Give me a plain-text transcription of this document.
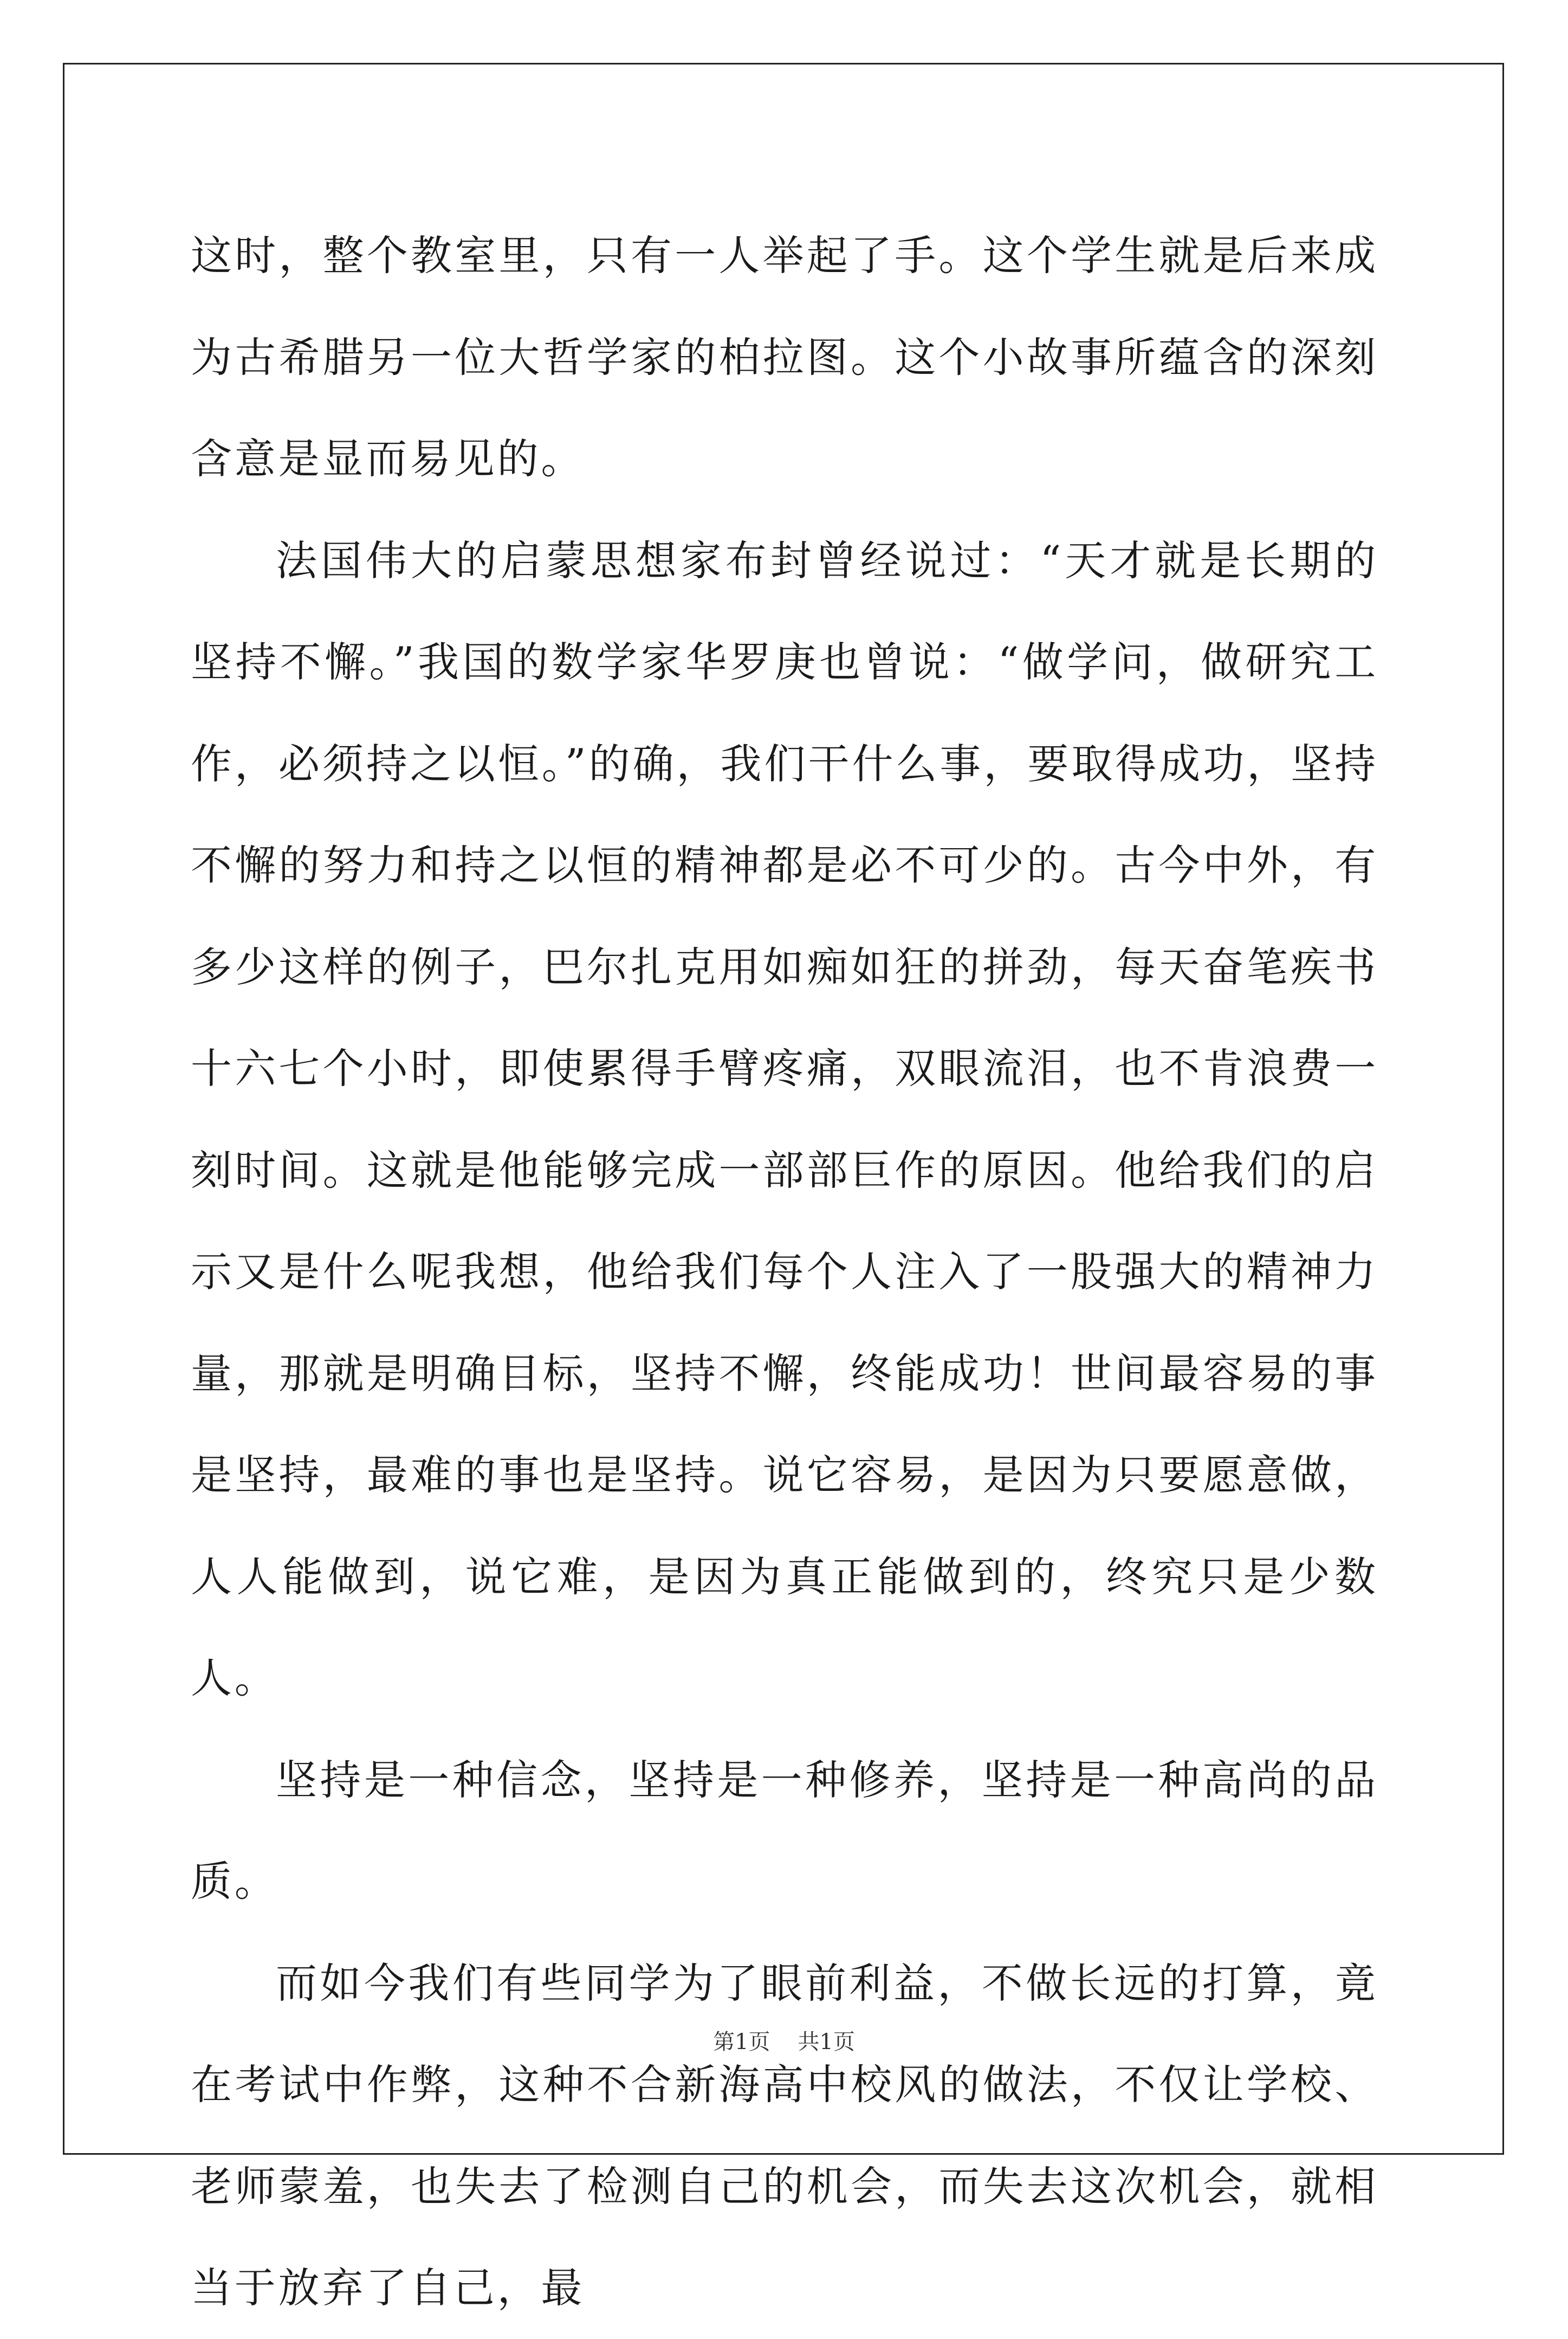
这时，整个教室里，只有一人举起了手。这个学生就是后来成为古希腊另一位大哲学家的柏拉图。这个小故事所蕴含的深刻含意是显而易见的。

法国伟大的启蒙思想家布封曾经说过：“天才就是长期的坚持不懈。”我国的数学家华罗庚也曾说：“做学问，做研究工作，必须持之以恒。”的确，我们干什么事，要取得成功，坚持不懈的努力和持之以恒的精神都是必不可少的。古今中外，有多少这样的例子，巴尔扎克用如痴如狂的拼劲，每天奋笔疾书十六七个小时，即使累得手臂疼痛，双眼流泪，也不肯浪费一刻时间。这就是他能够完成一部部巨作的原因。他给我们的启示又是什么呢我想，他给我们每个人注入了一股强大的精神力量，那就是明确目标，坚持不懈，终能成功！世间最容易的事是坚持，最难的事也是坚持。说它容易，是因为只要愿意做，人人能做到，说它难，是因为真正能做到的，终究只是少数人。

坚持是一种信念，坚持是一种修养，坚持是一种高尚的品质。

而如今我们有些同学为了眼前利益，不做长远的打算，竟在考试中作弊，这种不合新海高中校风的做法，不仅让学校、老师蒙羞，也失去了检测自己的机会，而失去这次机会，就相当于放弃了自己，最

第1页    共1页
